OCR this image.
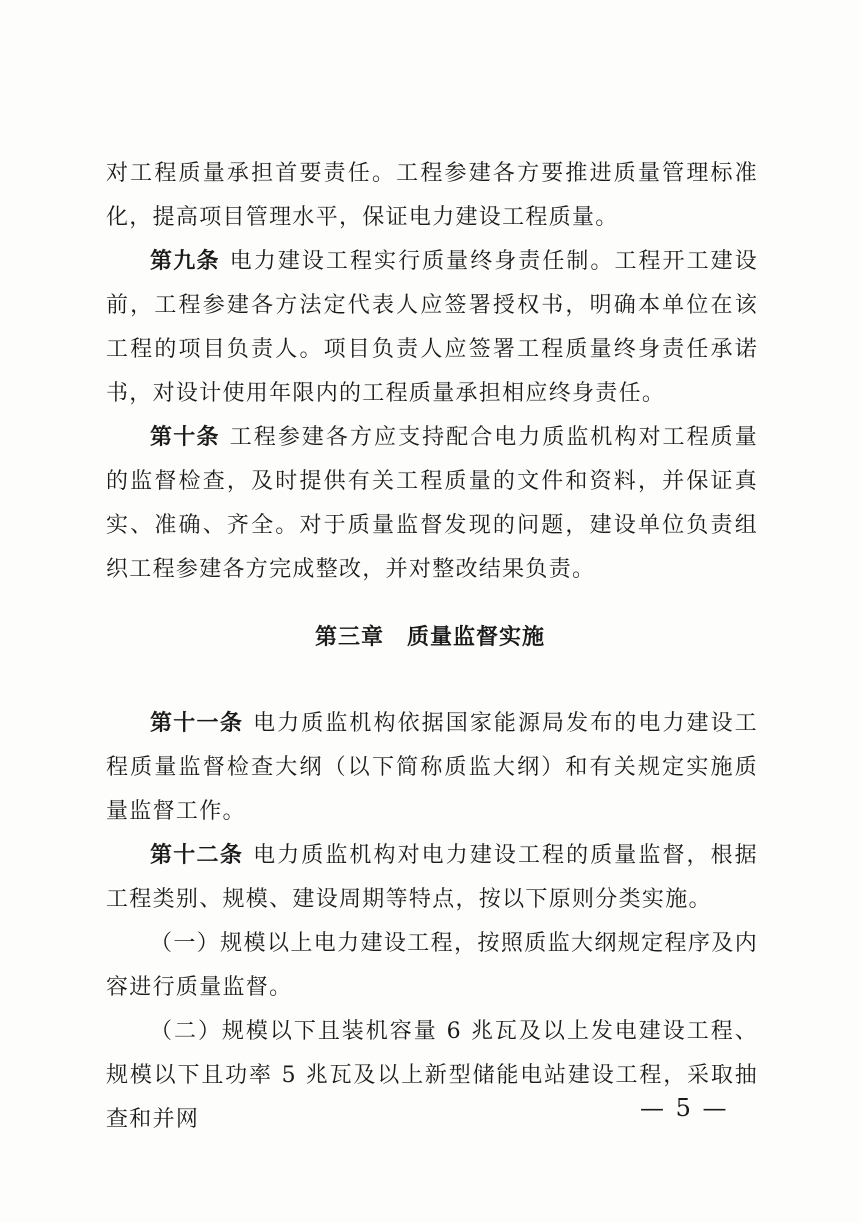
对工程质量承担首要责任。工程参建各方要推进质量管理标准化，提高项目管理水平，保证电力建设工程质量。

第九条 电力建设工程实行质量终身责任制。工程开工建设前，工程参建各方法定代表人应签署授权书，明确本单位在该工程的项目负责人。项目负责人应签署工程质量终身责任承诺书，对设计使用年限内的工程质量承担相应终身责任。

第十条 工程参建各方应支持配合电力质监机构对工程质量的监督检查，及时提供有关工程质量的文件和资料，并保证真实、准确、齐全。对于质量监督发现的问题，建设单位负责组织工程参建各方完成整改，并对整改结果负责。

第三章　质量监督实施

第十一条 电力质监机构依据国家能源局发布的电力建设工程质量监督检查大纲（以下简称质监大纲）和有关规定实施质量监督工作。

第十二条 电力质监机构对电力建设工程的质量监督，根据工程类别、规模、建设周期等特点，按以下原则分类实施。

（一）规模以上电力建设工程，按照质监大纲规定程序及内容进行质量监督。

（二）规模以下且装机容量 6 兆瓦及以上发电建设工程、规模以下且功率 5 兆瓦及以上新型储能电站建设工程，采取抽查和并网	— 5 —
